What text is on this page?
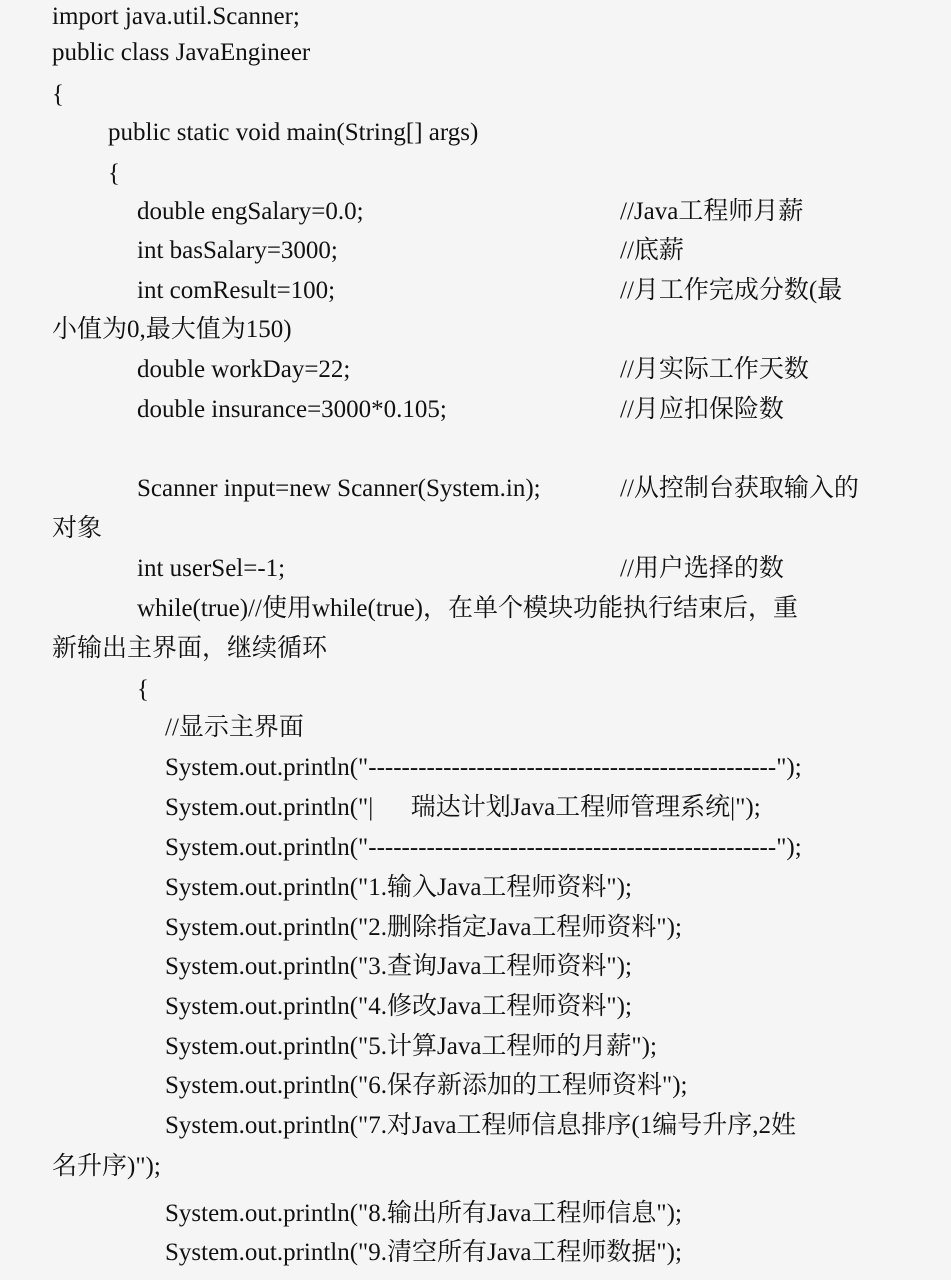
import java.util.Scanner;
public class JavaEngineer
{
public static void main(String[] args)
{
double engSalary=0.0;	//Java工程师月薪
int basSalary=3000;	//底薪
int comResult=100;	//月工作完成分数(最
小值为0,最大值为150)
double workDay=22;	//月实际工作天数
double insurance=3000*0.105;	//月应扣保险数
Scanner input=new Scanner(System.in);	//从控制台获取输入的
对象
int userSel=-1;	//用户选择的数
while(true)//使用while(true)，在单个模块功能执行结束后，重
新输出主界面，继续循环
{
//显示主界面
System.out.println("-------------------------------------------------");
System.out.println("|      瑞达计划Java工程师管理系统|");
System.out.println("-------------------------------------------------");
System.out.println("1.输入Java工程师资料");
System.out.println("2.删除指定Java工程师资料");
System.out.println("3.查询Java工程师资料");
System.out.println("4.修改Java工程师资料");
System.out.println("5.计算Java工程师的月薪");
System.out.println("6.保存新添加的工程师资料");
System.out.println("7.对Java工程师信息排序(1编号升序,2姓
名升序)");
System.out.println("8.输出所有Java工程师信息");
System.out.println("9.清空所有Java工程师数据");
